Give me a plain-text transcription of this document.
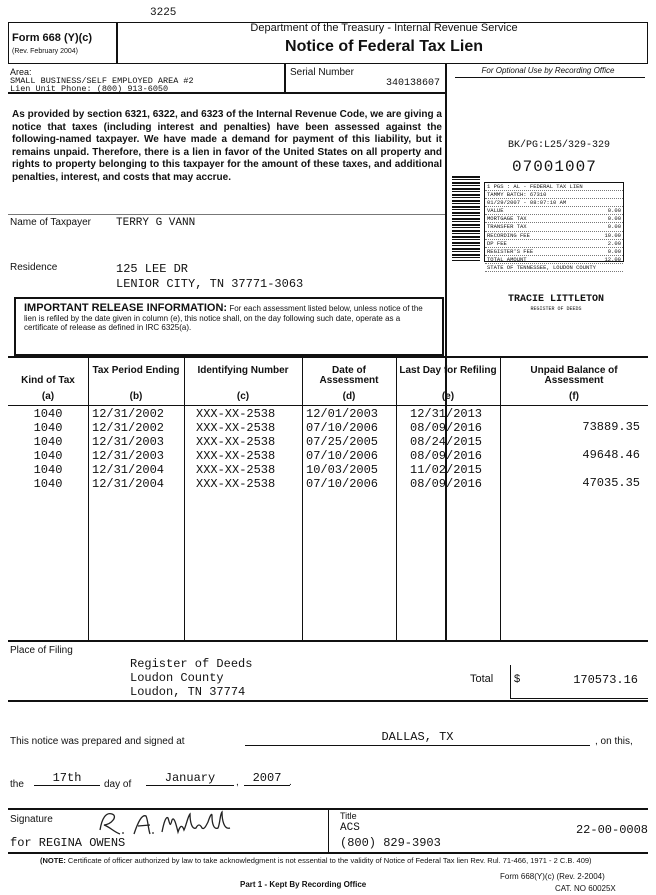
3225
Form 668 (Y)(c)
(Rev. February 2004)
Department of the Treasury - Internal Revenue Service
Notice of Federal Tax Lien
Area:
SMALL BUSINESS/SELF EMPLOYED AREA #2
Lien Unit Phone: (800) 913-6050
Serial Number
340138607
For Optional Use by Recording Office
As provided by section 6321, 6322, and 6323 of the Internal Revenue Code, we are giving a notice that taxes (including interest and penalties) have been assessed against the following-named taxpayer. We have made a demand for payment of this liability, but it remains unpaid. Therefore, there is a lien in favor of the United States on all property and rights to property belonging to this taxpayer for the amount of these taxes, and additional penalties, interest, and costs that may accrue.
BK/PG:L25/329-329
07001007
1 PGS : AL - FEDERAL TAX LIEN
TAMMY BATCH: 67310
01/29/2007 - 08:07:10 AM
VALUE	0.00
MORTGAGE TAX	0.00
TRANSFER TAX	0.00
RECORDING FEE	10.00
DP FEE	2.00
REGISTER'S FEE	0.00
TOTAL AMOUNT	12.00
STATE OF TENNESSEE, LOUDON COUNTY
TRACIE LITTLETON
REGISTER OF DEEDS
Name of Taxpayer TERRY G VANN
Residence	125 LEE DR
LENIOR CITY, TN 37771-3063
IMPORTANT RELEASE INFORMATION: For each assessment listed below, unless notice of the lien is refiled by the date given in column (e), this notice shall, on the day following such date, operate as a certificate of release as defined in IRC 6325(a).
Kind of Tax
(a)
Tax Period Ending
(b)
Identifying Number
(c)
Date of Assessment
(d)
Last Day for Refiling
(e)
Unpaid Balance of Assessment
(f)
1040	12/31/2002	XXX-XX-2538	12/01/2003	12/31/2013
1040	12/31/2002	XXX-XX-2538	07/10/2006	08/09/2016	73889.35
1040	12/31/2003	XXX-XX-2538	07/25/2005	08/24/2015
1040	12/31/2003	XXX-XX-2538	07/10/2006	08/09/2016	49648.46
1040	12/31/2004	XXX-XX-2538	10/03/2005	11/02/2015
1040	12/31/2004	XXX-XX-2538	07/10/2006	08/09/2016	47035.35
Place of Filing
Register of Deeds
Loudon County
Loudon, TN 37774
Total $	170573.16
This notice was prepared and signed at	DALLAS, TX	, on this,
the	17th	day of	January	,	2007 .
Signature
for REGINA OWENS
Title
ACS
(800) 829-3903
22-00-0008
(NOTE: Certificate of officer authorized by law to take acknowledgment is not essential to the validity of Notice of Federal Tax lien Rev. Rul. 71-466, 1971 - 2 C.B. 409)
Part 1 - Kept By Recording Office
Form 668(Y)(c) (Rev. 2-2004)
CAT. NO 60025X
